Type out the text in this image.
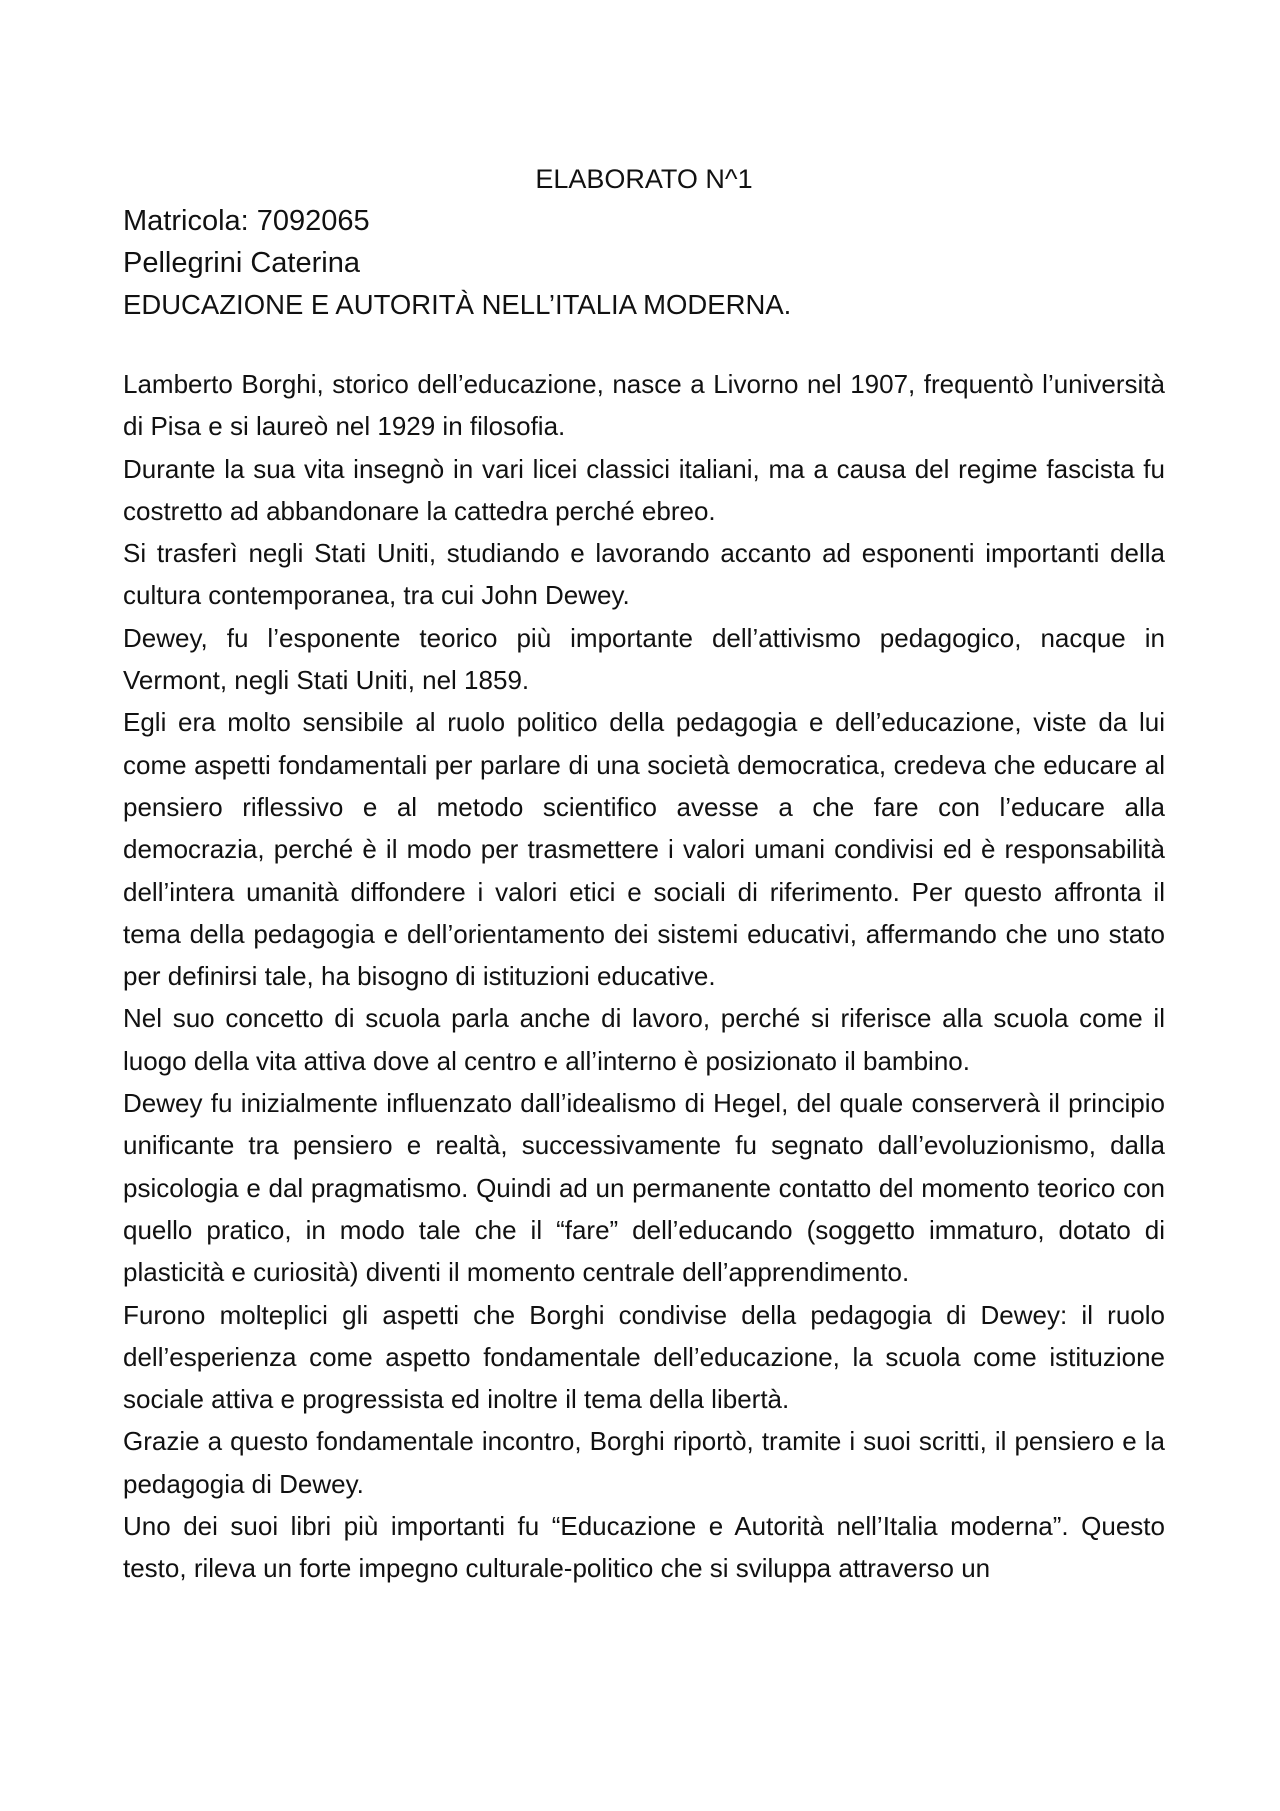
ELABORATO N^1

Matricola: 7092065

Pellegrini Caterina

EDUCAZIONE E AUTORITÀ NELL’ITALIA MODERNA.

Lamberto Borghi, storico dell’educazione, nasce a Livorno nel 1907, frequentò l’università di Pisa e si laureò nel 1929 in filosofia.

Durante la sua vita insegnò in vari licei classici italiani, ma a causa del regime fascista fu costretto ad abbandonare la cattedra perché ebreo.

Si trasferì negli Stati Uniti, studiando e lavorando accanto ad esponenti importanti della cultura contemporanea, tra cui John Dewey.

Dewey, fu l’esponente teorico più importante dell’attivismo pedagogico, nacque in Vermont, negli Stati Uniti, nel 1859.

Egli era molto sensibile al ruolo politico della pedagogia e dell’educazione, viste da lui come aspetti fondamentali per parlare di una società democratica, credeva che educare al pensiero riflessivo e al metodo scientifico avesse a che fare con l’educare alla democrazia, perché è il modo per trasmettere i valori umani condivisi ed è responsabilità dell’intera umanità diffondere i valori etici e sociali di riferimento. Per questo affronta il tema della pedagogia e dell’orientamento dei sistemi educativi, affermando che uno stato per definirsi tale, ha bisogno di istituzioni educative.

Nel suo concetto di scuola parla anche di lavoro, perché si riferisce alla scuola come il luogo della vita attiva dove al centro e all’interno è posizionato il bambino.

Dewey fu inizialmente influenzato dall’idealismo di Hegel, del quale conserverà il principio unificante tra pensiero e realtà, successivamente fu segnato dall’evoluzionismo, dalla psicologia e dal pragmatismo. Quindi ad un permanente contatto del momento teorico con quello pratico, in modo tale che il “fare” dell’educando (soggetto immaturo, dotato di plasticità e curiosità) diventi il momento centrale dell’apprendimento.

Furono molteplici gli aspetti che Borghi condivise della pedagogia di Dewey: il ruolo dell’esperienza come aspetto fondamentale dell’educazione, la scuola come istituzione sociale attiva e progressista ed inoltre il tema della libertà.

Grazie a questo fondamentale incontro, Borghi riportò, tramite i suoi scritti, il pensiero e la pedagogia di Dewey.

Uno dei suoi libri più importanti fu “Educazione e Autorità nell’Italia moderna”. Questo testo, rileva un forte impegno culturale-politico che si sviluppa attraverso un
